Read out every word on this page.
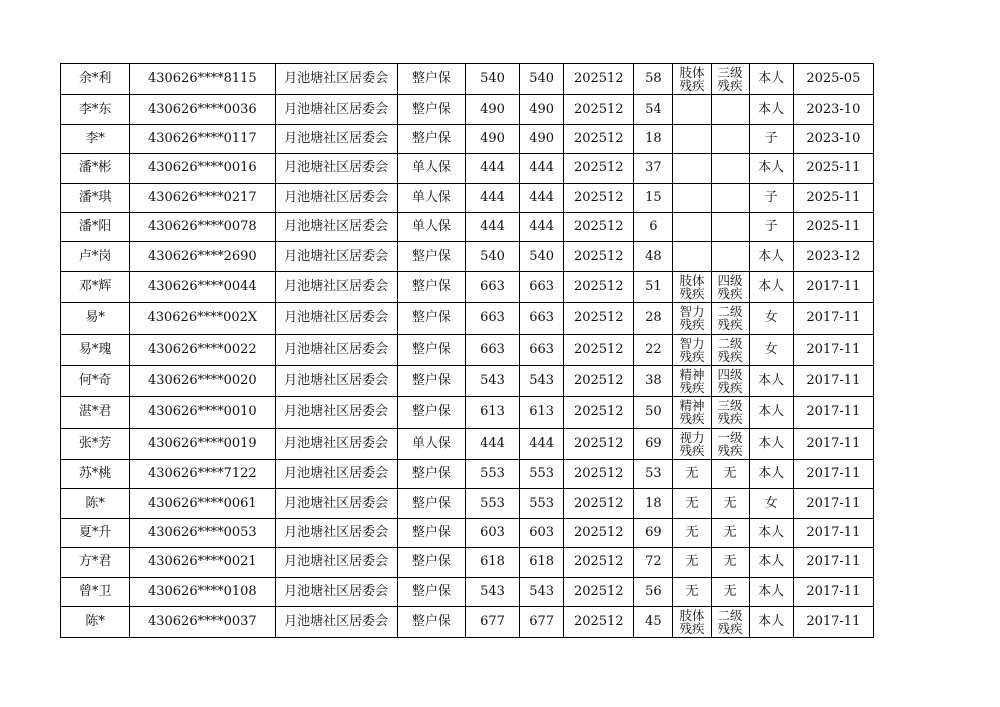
余*利	430626****8115	月池塘社区居委会	整户保	540	540	202512	58	肢体残疾	三级残疾	本人	2025-05
李*东	430626****0036	月池塘社区居委会	整户保	490	490	202512	54			本人	2023-10
李*	430626****0117	月池塘社区居委会	整户保	490	490	202512	18			子	2023-10
潘*彬	430626****0016	月池塘社区居委会	单人保	444	444	202512	37			本人	2025-11
潘*琪	430626****0217	月池塘社区居委会	单人保	444	444	202512	15			子	2025-11
潘*阳	430626****0078	月池塘社区居委会	单人保	444	444	202512	6			子	2025-11
卢*岗	430626****2690	月池塘社区居委会	整户保	540	540	202512	48			本人	2023-12
邓*辉	430626****0044	月池塘社区居委会	整户保	663	663	202512	51	肢体残疾	四级残疾	本人	2017-11
易*	430626****002X	月池塘社区居委会	整户保	663	663	202512	28	智力残疾	二级残疾	女	2017-11
易*瑰	430626****0022	月池塘社区居委会	整户保	663	663	202512	22	智力残疾	二级残疾	女	2017-11
何*奇	430626****0020	月池塘社区居委会	整户保	543	543	202512	38	精神残疾	四级残疾	本人	2017-11
湛*君	430626****0010	月池塘社区居委会	整户保	613	613	202512	50	精神残疾	三级残疾	本人	2017-11
张*芳	430626****0019	月池塘社区居委会	单人保	444	444	202512	69	视力残疾	一级残疾	本人	2017-11
苏*桃	430626****7122	月池塘社区居委会	整户保	553	553	202512	53	无	无	本人	2017-11
陈*	430626****0061	月池塘社区居委会	整户保	553	553	202512	18	无	无	女	2017-11
夏*升	430626****0053	月池塘社区居委会	整户保	603	603	202512	69	无	无	本人	2017-11
方*君	430626****0021	月池塘社区居委会	整户保	618	618	202512	72	无	无	本人	2017-11
曾*卫	430626****0108	月池塘社区居委会	整户保	543	543	202512	56	无	无	本人	2017-11
陈*	430626****0037	月池塘社区居委会	整户保	677	677	202512	45	肢体残疾	二级残疾	本人	2017-11
